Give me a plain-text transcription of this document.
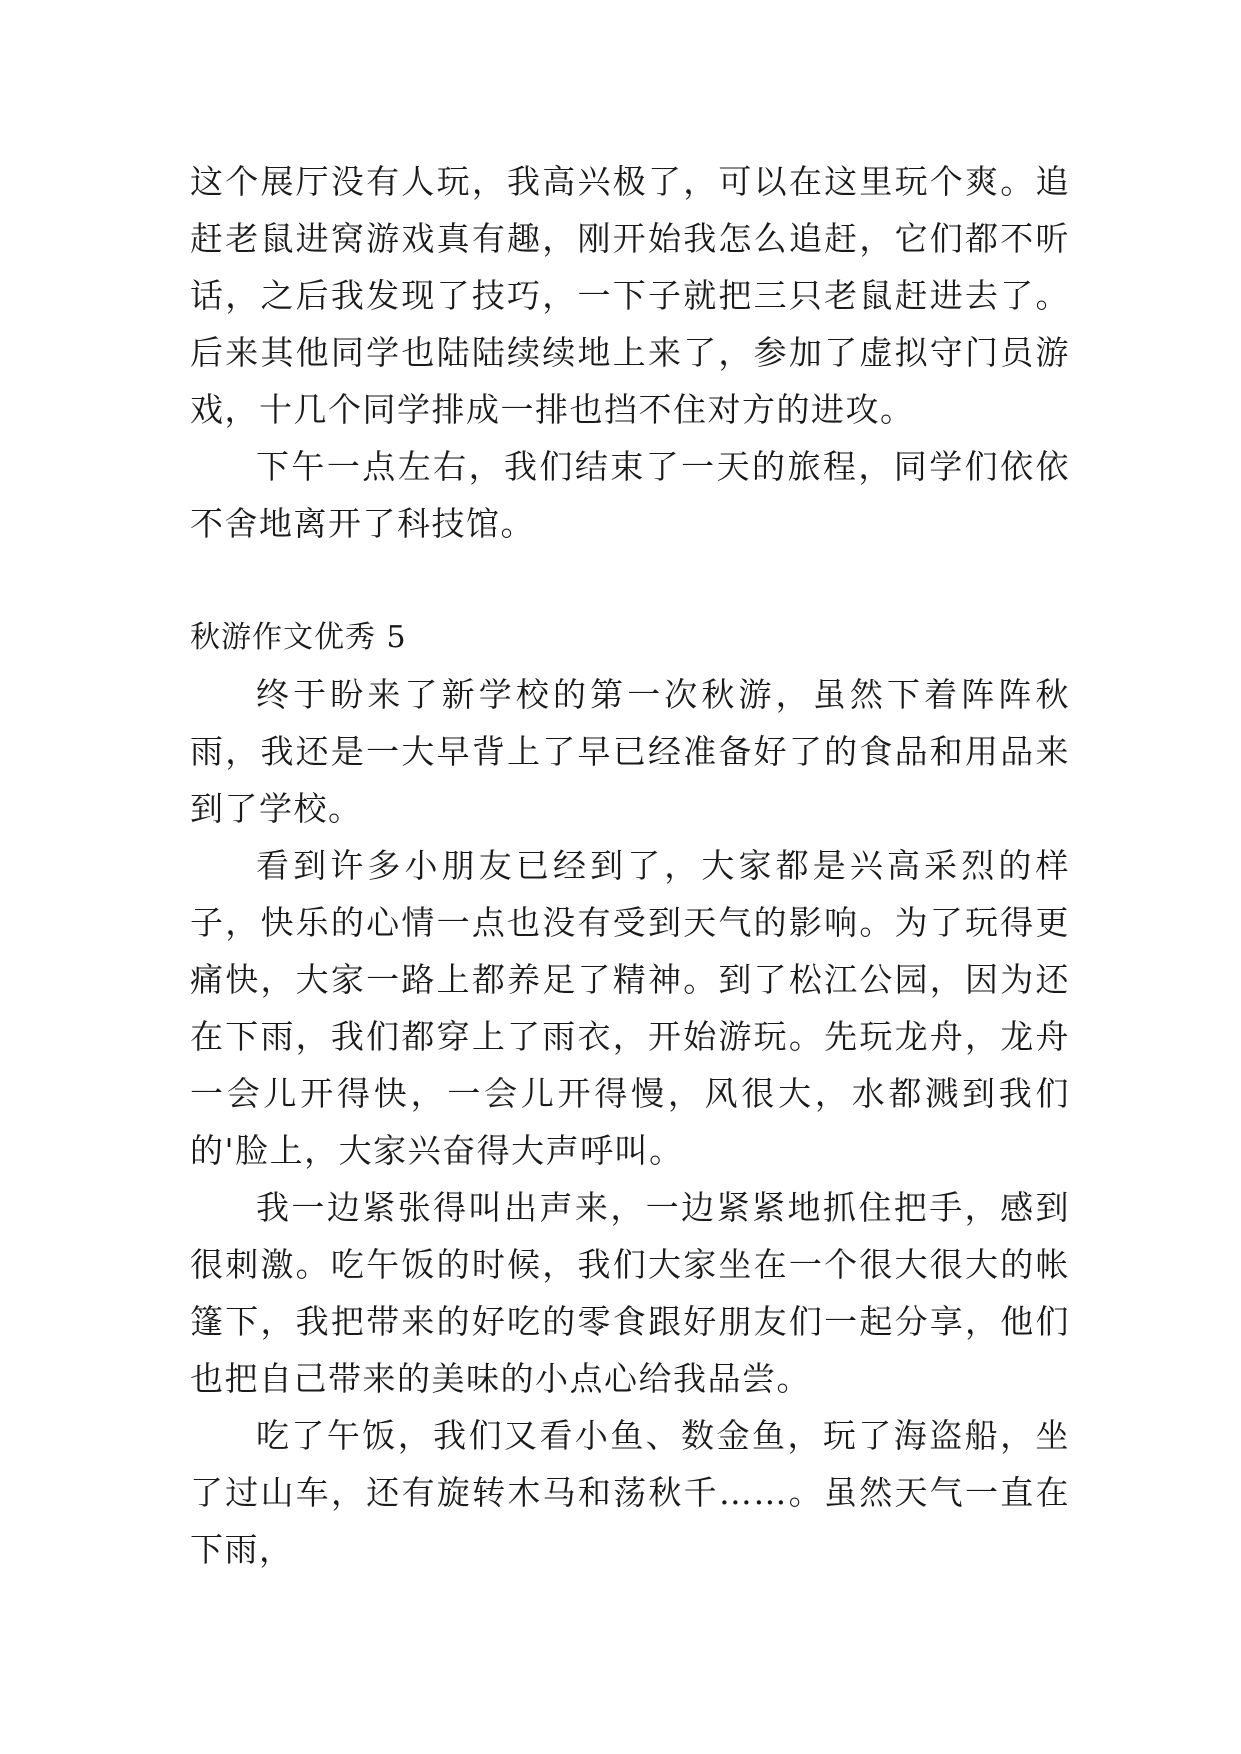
这个展厅没有人玩，我高兴极了，可以在这里玩个爽。追赶老鼠进窝游戏真有趣，刚开始我怎么追赶，它们都不听话，之后我发现了技巧，一下子就把三只老鼠赶进去了。后来其他同学也陆陆续续地上来了，参加了虚拟守门员游戏，十几个同学排成一排也挡不住对方的进攻。

下午一点左右，我们结束了一天的旅程，同学们依依不舍地离开了科技馆。

秋游作文优秀 5

终于盼来了新学校的第一次秋游，虽然下着阵阵秋雨，我还是一大早背上了早已经准备好了的食品和用品来到了学校。

看到许多小朋友已经到了，大家都是兴高采烈的样子，快乐的心情一点也没有受到天气的影响。为了玩得更痛快，大家一路上都养足了精神。到了松江公园，因为还在下雨，我们都穿上了雨衣，开始游玩。先玩龙舟，龙舟一会儿开得快，一会儿开得慢，风很大，水都溅到我们的'脸上，大家兴奋得大声呼叫。

我一边紧张得叫出声来，一边紧紧地抓住把手，感到很刺激。吃午饭的时候，我们大家坐在一个很大很大的帐篷下，我把带来的好吃的零食跟好朋友们一起分享，他们也把自己带来的美味的小点心给我品尝。

吃了午饭，我们又看小鱼、数金鱼，玩了海盗船，坐了过山车，还有旋转木马和荡秋千……。虽然天气一直在下雨，
